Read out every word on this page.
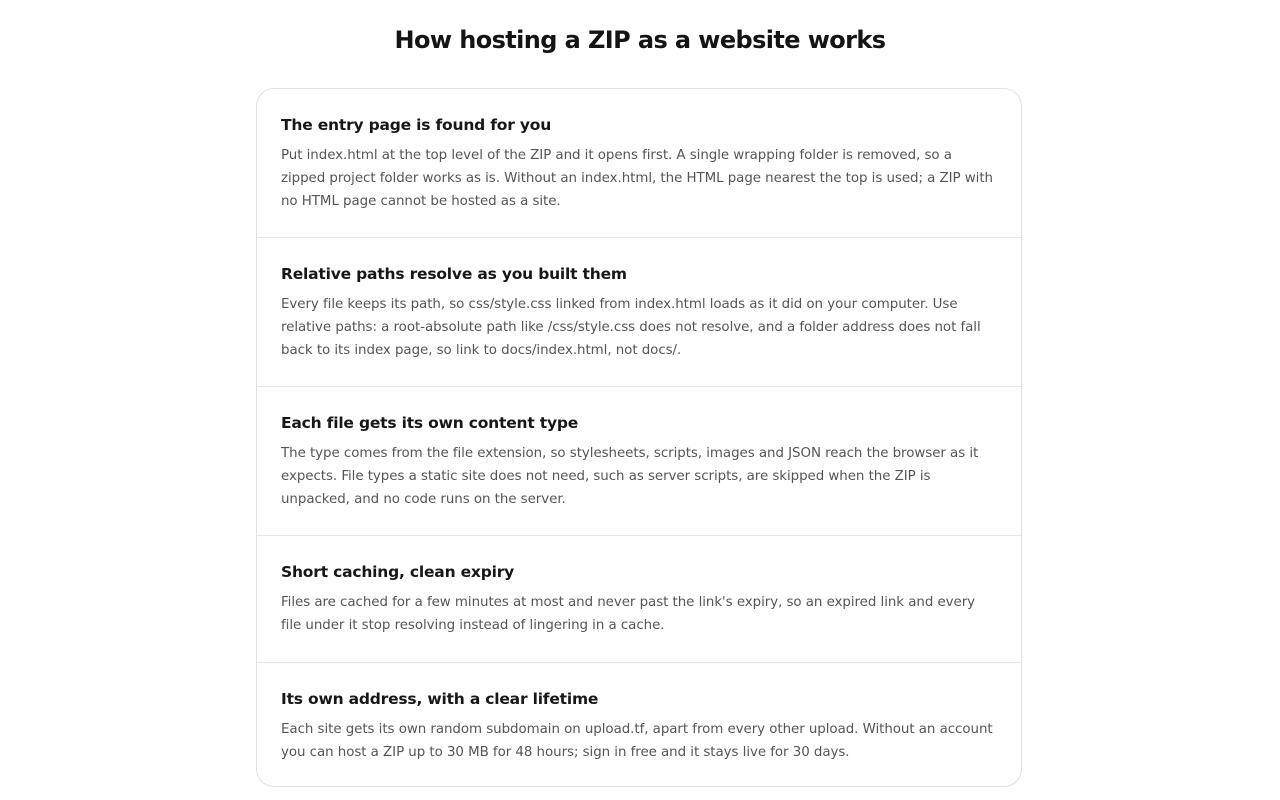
How hosting a ZIP as a website works
The entry page is found for you

Put index.html at the top level of the ZIP and it opens first. A single wrapping folder is removed, so a zipped project folder works as is. Without an index.html, the HTML page nearest the top is used; a ZIP with no HTML page cannot be hosted as a site.

Relative paths resolve as you built them

Every file keeps its path, so css/style.css linked from index.html loads as it did on your computer. Use relative paths: a root-absolute path like /css/style.css does not resolve, and a folder address does not fall back to its index page, so link to docs/index.html, not docs/.

Each file gets its own content type

The type comes from the file extension, so stylesheets, scripts, images and JSON reach the browser as it expects. File types a static site does not need, such as server scripts, are skipped when the ZIP is unpacked, and no code runs on the server.

Short caching, clean expiry

Files are cached for a few minutes at most and never past the link's expiry, so an expired link and every file under it stop resolving instead of lingering in a cache.

Its own address, with a clear lifetime

Each site gets its own random subdomain on upload.tf, apart from every other upload. Without an account you can host a ZIP up to 30 MB for 48 hours; sign in free and it stays live for 30 days.
